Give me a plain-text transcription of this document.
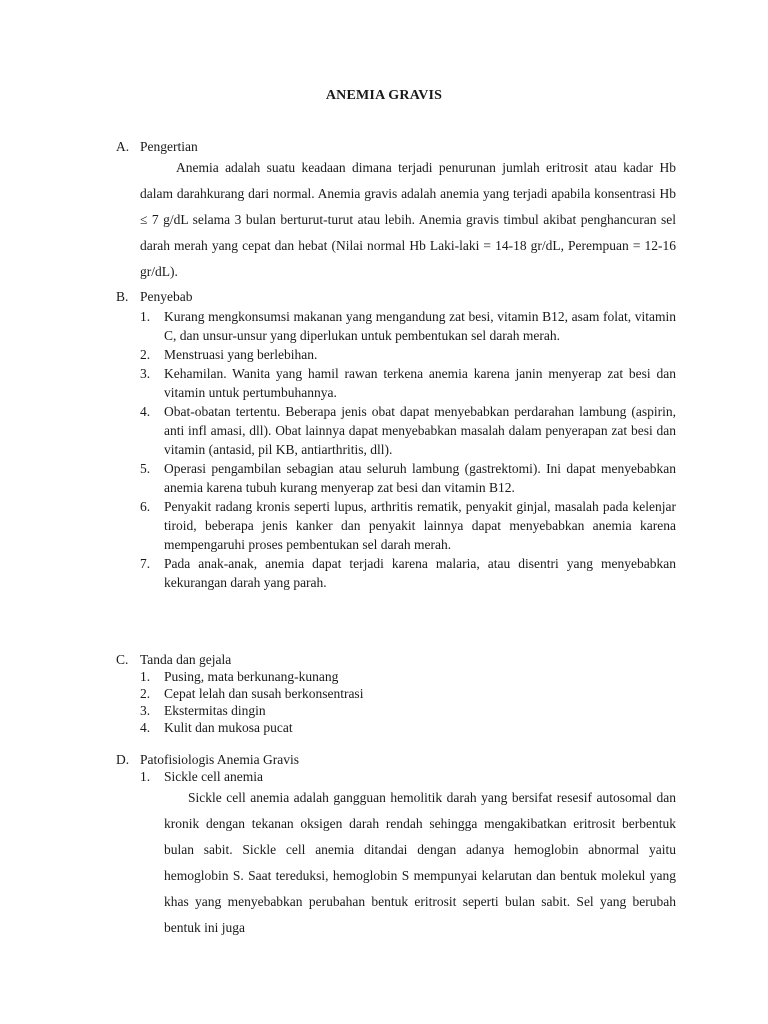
ANEMIA GRAVIS
A. Pengertian
Anemia adalah suatu keadaan dimana terjadi penurunan jumlah eritrosit atau kadar Hb dalam darahkurang dari normal. Anemia gravis adalah anemia yang terjadi apabila konsentrasi Hb ≤ 7 g/dL selama 3 bulan berturut-turut atau lebih. Anemia gravis timbul akibat penghancuran sel darah merah yang cepat dan hebat (Nilai normal Hb Laki-laki = 14-18 gr/dL, Perempuan = 12-16 gr/dL).
B. Penyebab
1.	Kurang mengkonsumsi makanan yang mengandung zat besi, vitamin B12, asam folat, vitamin C, dan unsur-unsur yang diperlukan untuk pembentukan sel darah merah.
2.	Menstruasi yang berlebihan.
3.	Kehamilan. Wanita yang hamil rawan terkena anemia karena janin menyerap zat besi dan vitamin untuk pertumbuhannya.
4.	Obat-obatan tertentu. Beberapa jenis obat dapat menyebabkan perdarahan lambung (aspirin, anti infl amasi, dll). Obat lainnya dapat menyebabkan masalah dalam penyerapan zat besi dan vitamin (antasid, pil KB, antiarthritis, dll).
5.	Operasi pengambilan sebagian atau seluruh lambung (gastrektomi). Ini dapat menyebabkan anemia karena tubuh kurang menyerap zat besi dan vitamin B12.
6.	Penyakit radang kronis seperti lupus, arthritis rematik, penyakit ginjal, masalah pada kelenjar tiroid, beberapa jenis kanker dan penyakit lainnya dapat menyebabkan anemia karena mempengaruhi proses pembentukan sel darah merah.
7.	Pada anak-anak, anemia dapat terjadi karena malaria, atau disentri yang menyebabkan kekurangan darah yang parah.
C. Tanda dan gejala
1.	Pusing, mata berkunang-kunang
2.	Cepat lelah dan susah berkonsentrasi
3.	Ekstermitas dingin
4.	Kulit dan mukosa pucat
D. Patofisiologis Anemia Gravis
1.	Sickle cell anemia
Sickle cell anemia adalah gangguan hemolitik darah yang bersifat resesif autosomal dan kronik dengan tekanan oksigen darah rendah sehingga mengakibatkan eritrosit berbentuk bulan sabit. Sickle cell anemia ditandai dengan adanya hemoglobin abnormal yaitu hemoglobin S. Saat tereduksi, hemoglobin S mempunyai kelarutan dan bentuk molekul yang khas yang menyebabkan perubahan bentuk eritrosit seperti bulan sabit. Sel yang berubah bentuk ini juga
